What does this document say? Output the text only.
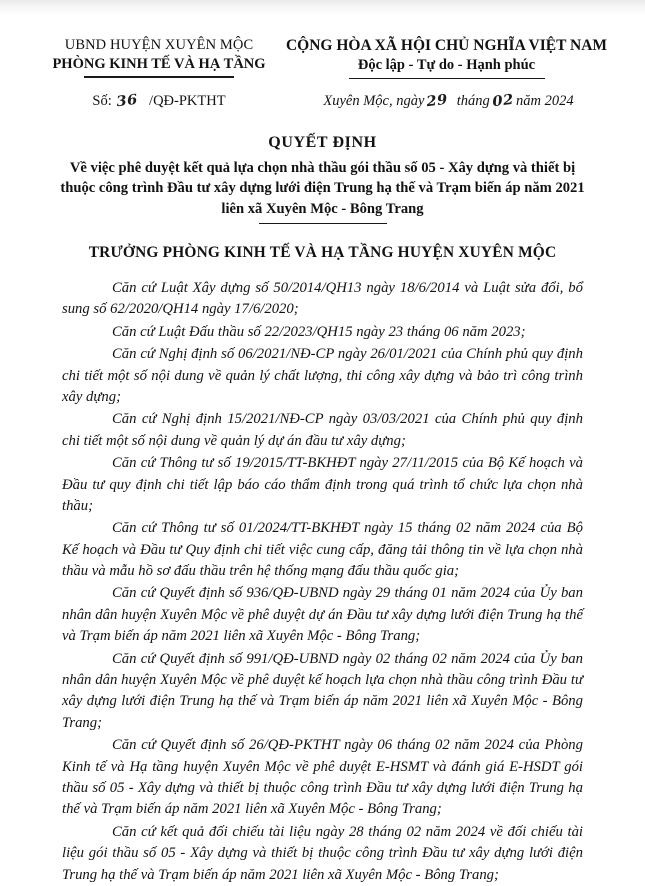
UBND HUYỆN XUYÊN MỘC
PHÒNG KINH TẾ VÀ HẠ TẦNG
CỘNG HÒA XÃ HỘI CHỦ NGHĨA VIỆT NAM
Độc lập - Tự do - Hạnh phúc
Số: 36 /QĐ-PKTHT	Xuyên Mộc, ngày 29 tháng 02 năm 2024
QUYẾT ĐỊNH
Về việc phê duyệt kết quả lựa chọn nhà thầu gói thầu số 05 - Xây dựng và thiết bị thuộc công trình Đầu tư xây dựng lưới điện Trung hạ thế và Trạm biến áp năm 2021 liên xã Xuyên Mộc - Bông Trang
TRƯỞNG PHÒNG KINH TẾ VÀ HẠ TẦNG HUYỆN XUYÊN MỘC

Căn cứ Luật Xây dựng số 50/2014/QH13 ngày 18/6/2014 và Luật sửa đổi, bổ sung số 62/2020/QH14 ngày 17/6/2020;

Căn cứ Luật Đấu thầu số 22/2023/QH15 ngày 23 tháng 06 năm 2023;

Căn cứ Nghị định số 06/2021/NĐ-CP ngày 26/01/2021 của Chính phủ quy định chi tiết một số nội dung về quản lý chất lượng, thi công xây dựng và bảo trì công trình xây dựng;

Căn cứ Nghị định 15/2021/NĐ-CP ngày 03/03/2021 của Chính phủ quy định chi tiết một số nội dung về quản lý dự án đầu tư xây dựng;

Căn cứ Thông tư số 19/2015/TT-BKHĐT ngày 27/11/2015 của Bộ Kế hoạch và Đầu tư quy định chi tiết lập báo cáo thẩm định trong quá trình tổ chức lựa chọn nhà thầu;

Căn cứ Thông tư số 01/2024/TT-BKHĐT ngày 15 tháng 02 năm 2024 của Bộ Kế hoạch và Đầu tư Quy định chi tiết việc cung cấp, đăng tải thông tin về lựa chọn nhà thầu và mẫu hồ sơ đấu thầu trên hệ thống mạng đấu thầu quốc gia;

Căn cứ Quyết định số 936/QĐ-UBND ngày 29 tháng 01 năm 2024 của Ủy ban nhân dân huyện Xuyên Mộc về phê duyệt dự án Đầu tư xây dựng lưới điện Trung hạ thế và Trạm biến áp năm 2021 liên xã Xuyên Mộc - Bông Trang;

Căn cứ Quyết định số 991/QĐ-UBND ngày 02 tháng 02 năm 2024 của Ủy ban nhân dân huyện Xuyên Mộc về phê duyệt kế hoạch lựa chọn nhà thầu công trình Đầu tư xây dựng lưới điện Trung hạ thế và Trạm biến áp năm 2021 liên xã Xuyên Mộc - Bông Trang;

Căn cứ Quyết định số 26/QĐ-PKTHT ngày 06 tháng 02 năm 2024 của Phòng Kinh tế và Hạ tầng huyện Xuyên Mộc về phê duyệt E-HSMT và đánh giá E-HSDT gói thầu số 05 - Xây dựng và thiết bị thuộc công trình Đầu tư xây dựng lưới điện Trung hạ thế và Trạm biến áp năm 2021 liên xã Xuyên Mộc - Bông Trang;

Căn cứ kết quả đối chiếu tài liệu ngày 28 tháng 02 năm 2024 về đối chiếu tài liệu gói thầu số 05 - Xây dựng và thiết bị thuộc công trình Đầu tư xây dựng lưới điện Trung hạ thế và Trạm biến áp năm 2021 liên xã Xuyên Mộc - Bông Trang;
